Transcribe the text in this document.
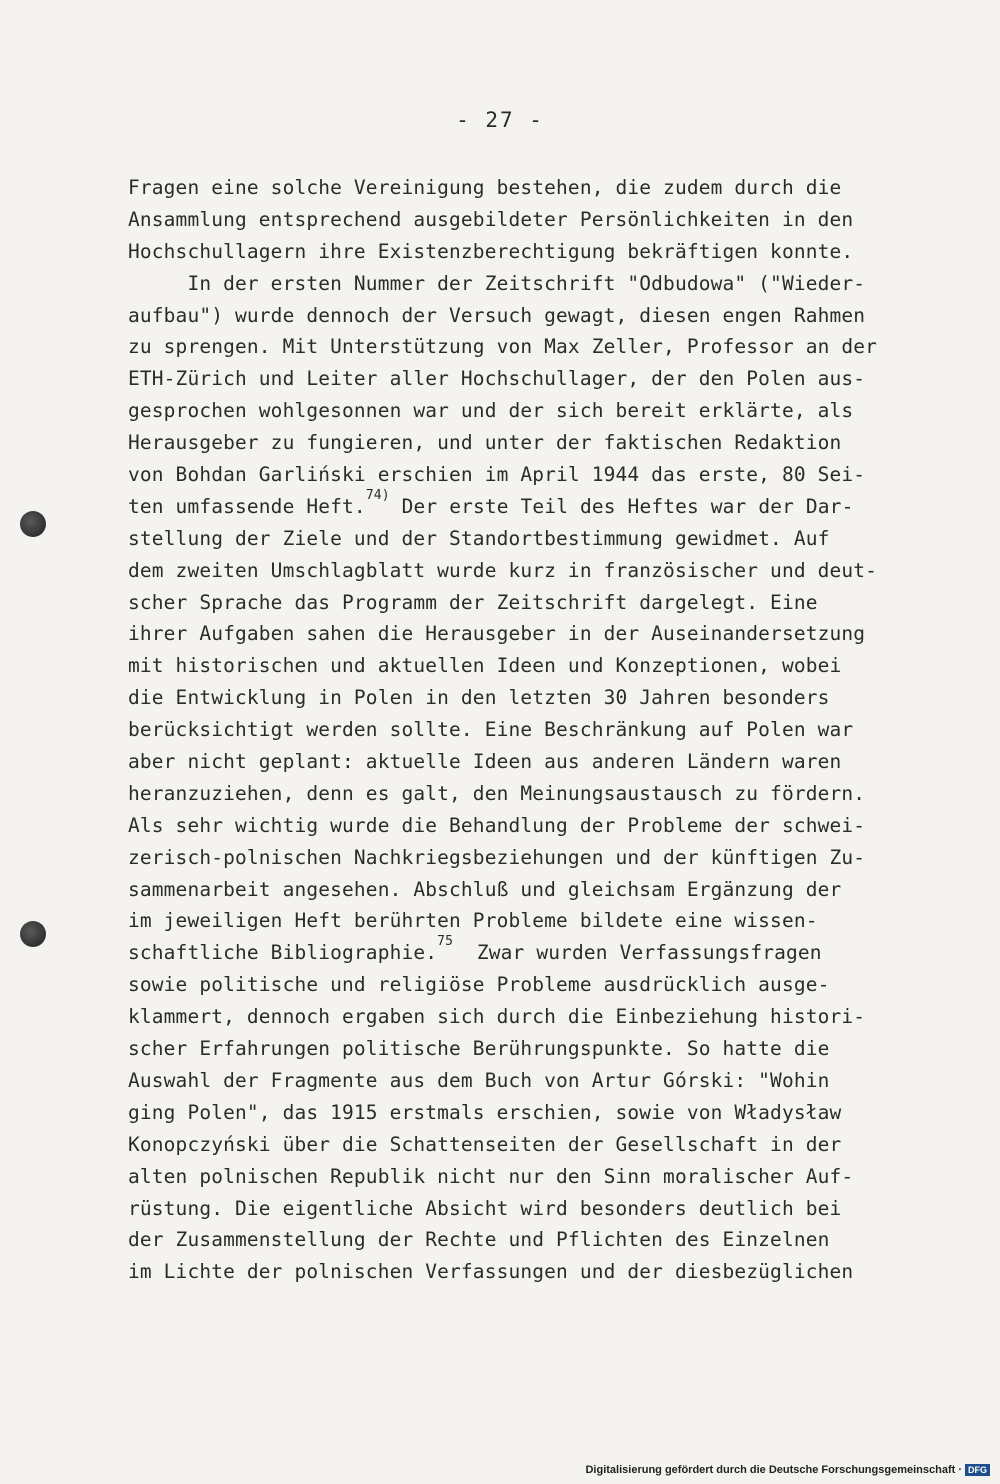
- 27 -
Fragen eine solche Vereinigung bestehen, die zudem durch die
Ansammlung entsprechend ausgebildeter Persönlichkeiten in den
Hochschullagern ihre Existenzberechtigung bekräftigen konnte.
In der ersten Nummer der Zeitschrift "Odbudowa" ("Wieder-
aufbau") wurde dennoch der Versuch gewagt, diesen engen Rahmen
zu sprengen. Mit Unterstützung von Max Zeller, Professor an der
ETH-Zürich und Leiter aller Hochschullager, der den Polen aus-
gesprochen wohlgesonnen war und der sich bereit erklärte, als
Herausgeber zu fungieren, und unter der faktischen Redaktion
von Bohdan Garliński erschien im April 1944 das erste, 80 Sei-
ten umfassende Heft.$^{74)}$ Der erste Teil des Heftes war der Dar-
stellung der Ziele und der Standortbestimmung gewidmet. Auf
dem zweiten Umschlagblatt wurde kurz in französischer und deut-
scher Sprache das Programm der Zeitschrift dargelegt. Eine
ihrer Aufgaben sahen die Herausgeber in der Auseinandersetzung
mit historischen und aktuellen Ideen und Konzeptionen, wobei
die Entwicklung in Polen in den letzten 30 Jahren besonders
berücksichtigt werden sollte. Eine Beschränkung auf Polen war
aber nicht geplant: aktuelle Ideen aus anderen Ländern waren
heranzuziehen, denn es galt, den Meinungsaustausch zu fördern.
Als sehr wichtig wurde die Behandlung der Probleme der schwei-
zerisch-polnischen Nachkriegsbeziehungen und der künftigen Zu-
sammenarbeit angesehen. Abschluß und gleichsam Ergänzung der
im jeweiligen Heft berührten Probleme bildete eine wissen-
schaftliche Bibliographie.$^{75}$  Zwar wurden Verfassungsfragen
sowie politische und religiöse Probleme ausdrücklich ausge-
klammert, dennoch ergaben sich durch die Einbeziehung histori-
scher Erfahrungen politische Berührungspunkte. So hatte die
Auswahl der Fragmente aus dem Buch von Artur Górski: "Wohin
ging Polen", das 1915 erstmals erschien, sowie von Władysław
Konopczyński über die Schattenseiten der Gesellschaft in der
alten polnischen Republik nicht nur den Sinn moralischer Auf-
rüstung. Die eigentliche Absicht wird besonders deutlich bei
der Zusammenstellung der Rechte und Pflichten des Einzelnen
im Lichte der polnischen Verfassungen und der diesbezüglichen
Digitalisierung gefördert durch die Deutsche Forschungsgemeinschaft · DFG
